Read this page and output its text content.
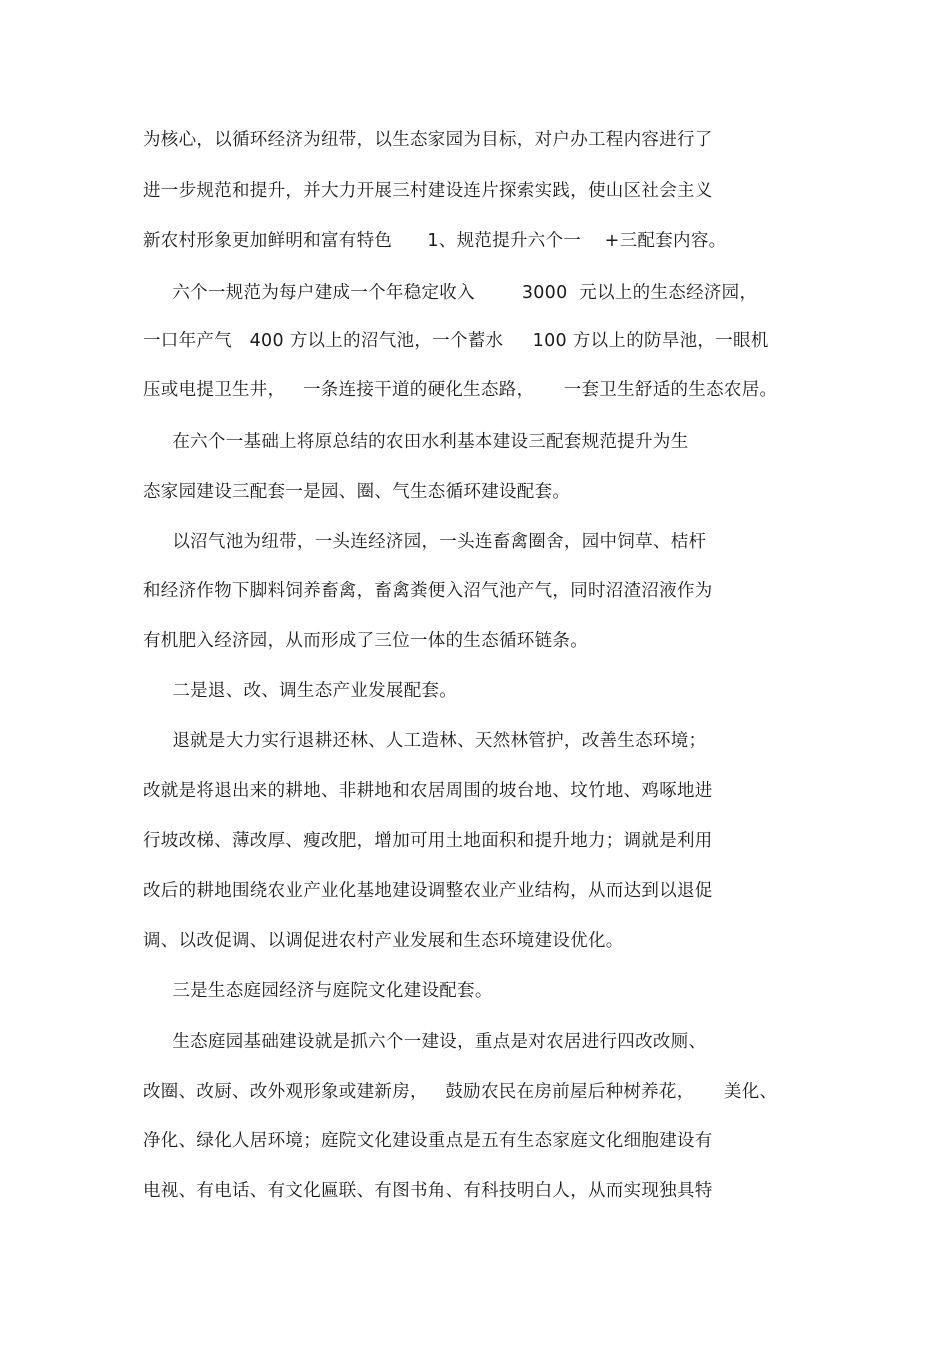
为核心，以循环经济为纽带，以生态家园为目标，对户办工程内容进行了

进一步规范和提升，并大力开展三村建设连片探索实践，使山区社会主义

新农村形象更加鲜明和富有特色      1、规范提升六个一    +三配套内容。

六个一规范为每户建成一个年稳定收入        3000  元以上的生态经济园，

一口年产气   400 方以上的沼气池，一个蓄水     100 方以上的防旱池，一眼机

压或电提卫生井，   一条连接干道的硬化生态路，     一套卫生舒适的生态农居。

在六个一基础上将原总结的农田水利基本建设三配套规范提升为生

态家园建设三配套一是园、圈、气生态循环建设配套。

以沼气池为纽带，一头连经济园，一头连畜禽圈舍，园中饲草、桔杆

和经济作物下脚料饲养畜禽，畜禽粪便入沼气池产气，同时沼渣沼液作为

有机肥入经济园，从而形成了三位一体的生态循环链条。

二是退、改、调生态产业发展配套。

退就是大力实行退耕还林、人工造林、天然林管护，改善生态环境；

改就是将退出来的耕地、非耕地和农居周围的坡台地、坟竹地、鸡啄地进

行坡改梯、薄改厚、瘦改肥，增加可用土地面积和提升地力；调就是利用

改后的耕地围绕农业产业化基地建设调整农业产业结构，从而达到以退促

调、以改促调、以调促进农村产业发展和生态环境建设优化。

三是生态庭园经济与庭院文化建设配套。

生态庭园基础建设就是抓六个一建设，重点是对农居进行四改改厕、

改圈、改厨、改外观形象或建新房，   鼓励农民在房前屋后种树养花，     美化、

净化、绿化人居环境；庭院文化建设重点是五有生态家庭文化细胞建设有

电视、有电话、有文化匾联、有图书角、有科技明白人，从而实现独具特
